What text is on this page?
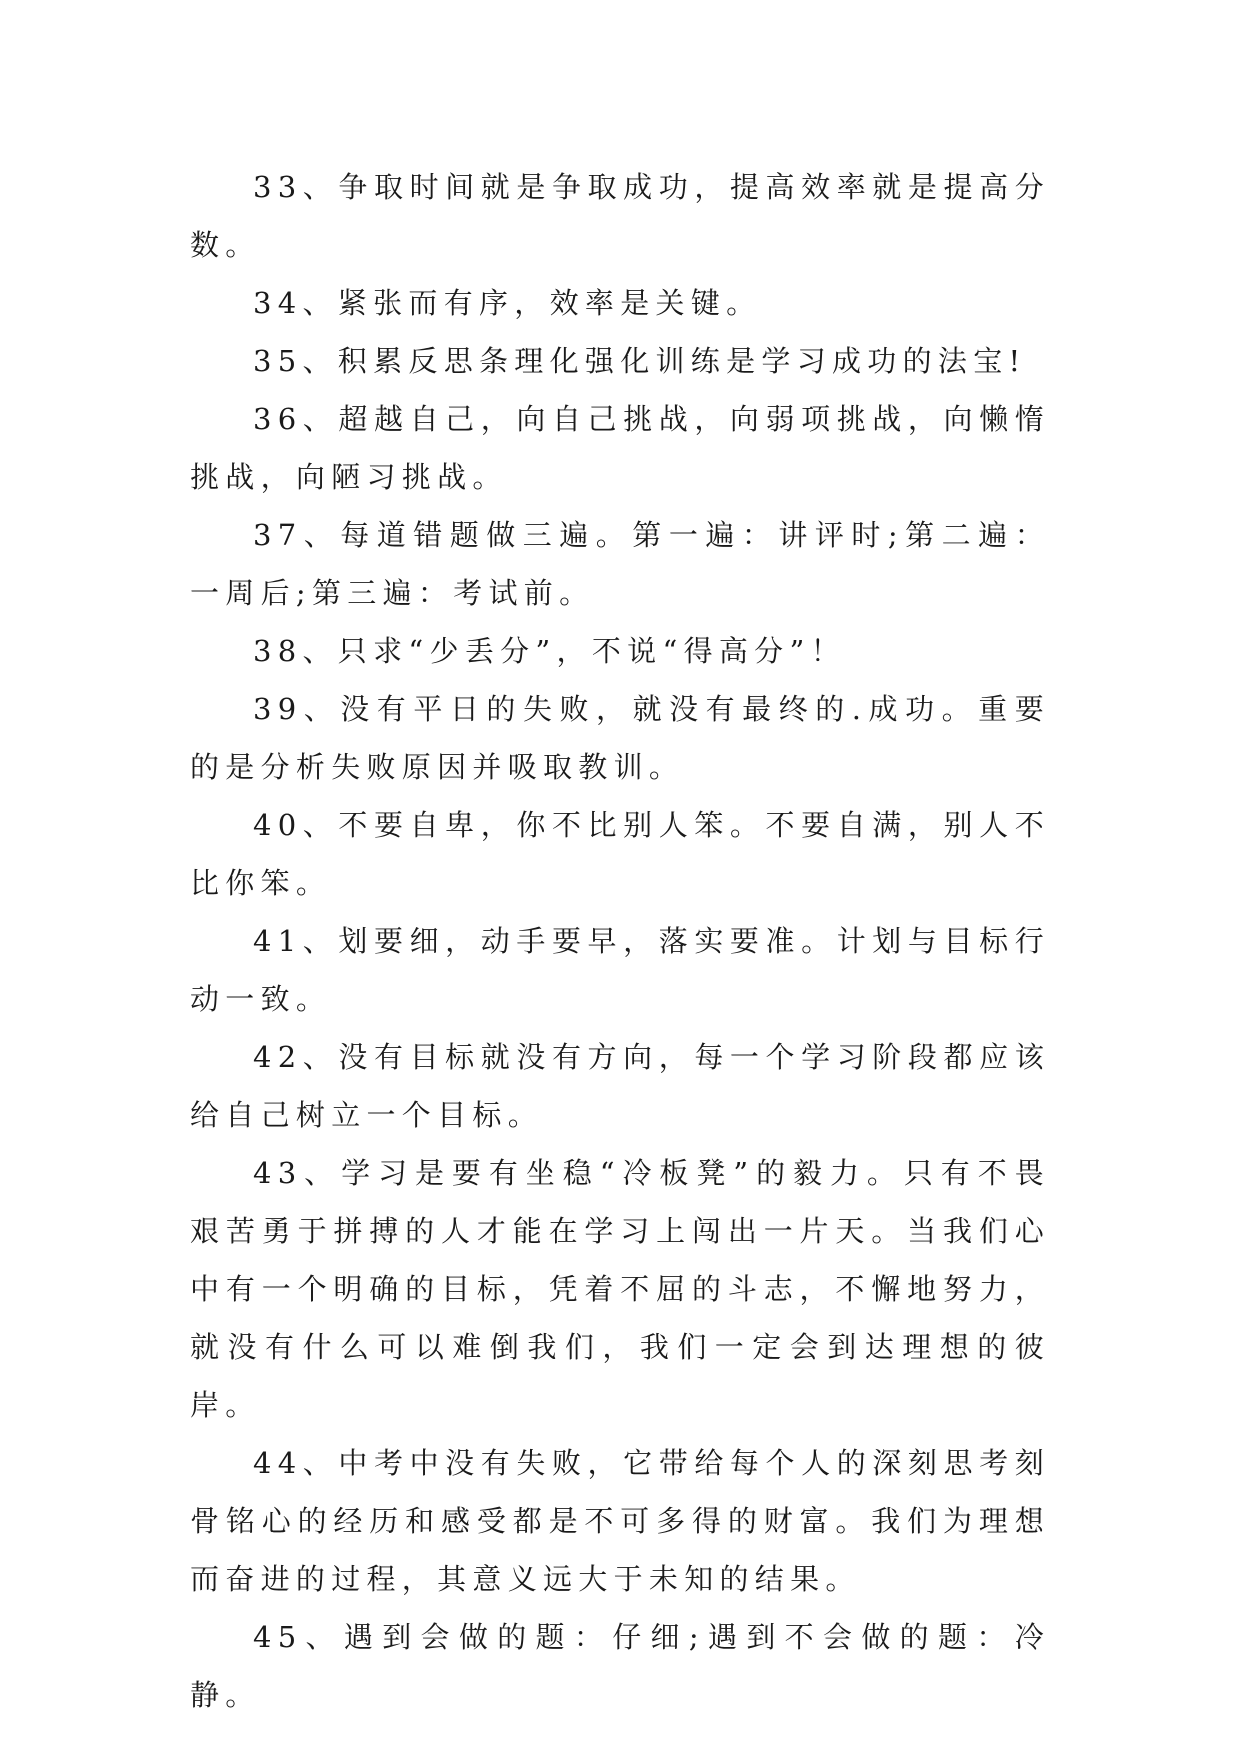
33、争取时间就是争取成功，提高效率就是提高分数。

34、紧张而有序，效率是关键。

35、积累反思条理化强化训练是学习成功的法宝!

36、超越自己，向自己挑战，向弱项挑战，向懒惰挑战，向陋习挑战。

37、每道错题做三遍。第一遍：讲评时;第二遍：一周后;第三遍：考试前。

38、只求“少丢分”，不说“得高分”！

39、没有平日的失败，就没有最终的.成功。重要的是分析失败原因并吸取教训。

40、不要自卑，你不比别人笨。不要自满，别人不比你笨。

41、划要细，动手要早，落实要准。计划与目标行动一致。

42、没有目标就没有方向，每一个学习阶段都应该给自己树立一个目标。

43、学习是要有坐稳“冷板凳”的毅力。只有不畏艰苦勇于拼搏的人才能在学习上闯出一片天。当我们心中有一个明确的目标，凭着不屈的斗志，不懈地努力，就没有什么可以难倒我们，我们一定会到达理想的彼岸。

44、中考中没有失败，它带给每个人的深刻思考刻骨铭心的经历和感受都是不可多得的财富。我们为理想而奋进的过程，其意义远大于未知的结果。

45、遇到会做的题：仔细;遇到不会做的题：冷静。
